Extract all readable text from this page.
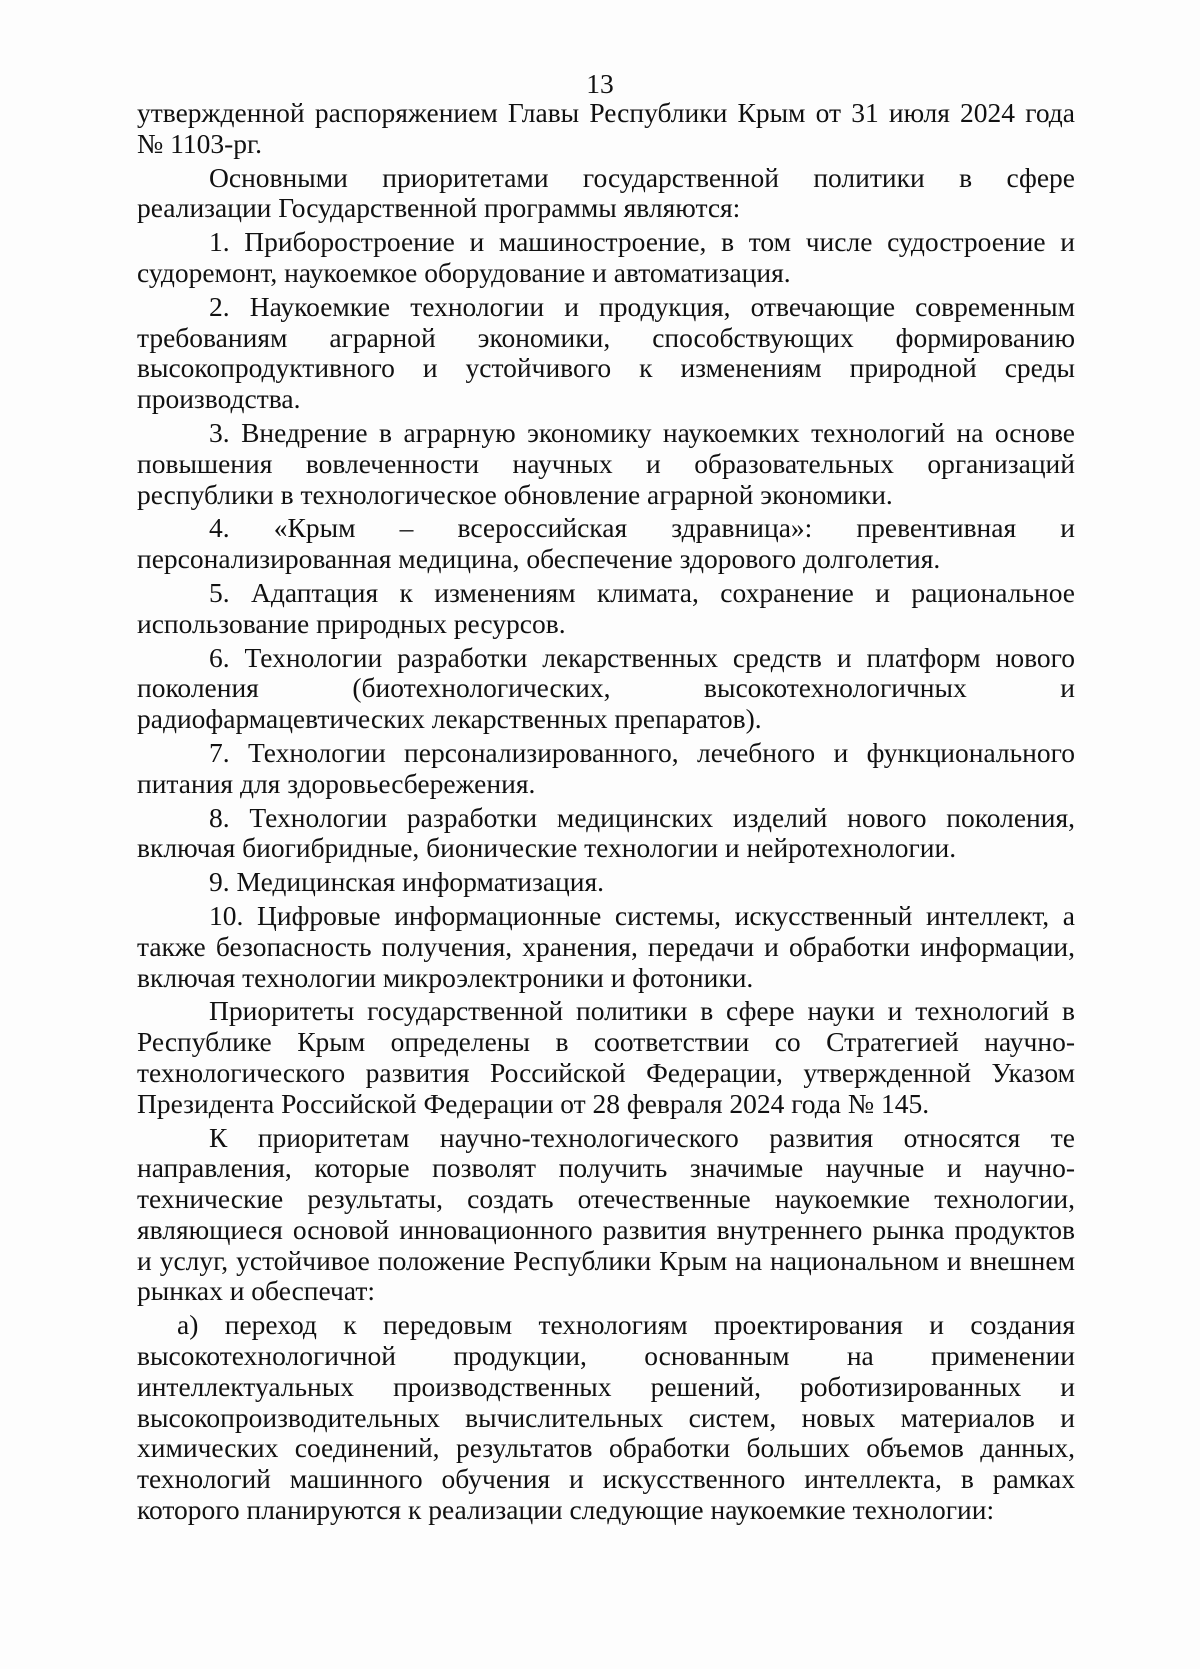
13

утвержденной распоряжением Главы Республики Крым от 31 июля 2024 года № 1103-рг.

Основными приоритетами государственной политики в сфере реализации Государственной программы являются:

1. Приборостроение и машиностроение, в том числе судостроение и судоремонт, наукоемкое оборудование и автоматизация.

2. Наукоемкие технологии и продукция, отвечающие современным требованиям аграрной экономики, способствующих формированию высокопродуктивного и устойчивого к изменениям природной среды производства.

3. Внедрение в аграрную экономику наукоемких технологий на основе повышения вовлеченности научных и образовательных организаций республики в технологическое обновление аграрной экономики.

4. «Крым – всероссийская здравница»: превентивная и персонализированная медицина, обеспечение здорового долголетия.

5. Адаптация к изменениям климата, сохранение и рациональное использование природных ресурсов.

6. Технологии разработки лекарственных средств и платформ нового поколения (биотехнологических, высокотехнологичных и радиофармацевтических лекарственных препаратов).

7. Технологии персонализированного, лечебного и функционального питания для здоровьесбережения.

8. Технологии разработки медицинских изделий нового поколения, включая биогибридные, бионические технологии и нейротехнологии.

9. Медицинская информатизация.

10. Цифровые информационные системы, искусственный интеллект, а также безопасность получения, хранения, передачи и обработки информации, включая технологии микроэлектроники и фотоники.

Приоритеты государственной политики в сфере науки и технологий в Республике Крым определены в соответствии со Стратегией научно-технологического развития Российской Федерации, утвержденной Указом Президента Российской Федерации от 28 февраля 2024 года № 145.

К приоритетам научно-технологического развития относятся те направления, которые позволят получить значимые научные и научно-технические результаты, создать отечественные наукоемкие технологии, являющиеся основой инновационного развития внутреннего рынка продуктов и услуг, устойчивое положение Республики Крым на национальном и внешнем рынках и обеспечат:

а) переход к передовым технологиям проектирования и создания высокотехнологичной продукции, основанным на применении интеллектуальных производственных решений, роботизированных и высокопроизводительных вычислительных систем, новых материалов и химических соединений, результатов обработки больших объемов данных, технологий машинного обучения и искусственного интеллекта, в рамках которого планируются к реализации следующие наукоемкие технологии:
